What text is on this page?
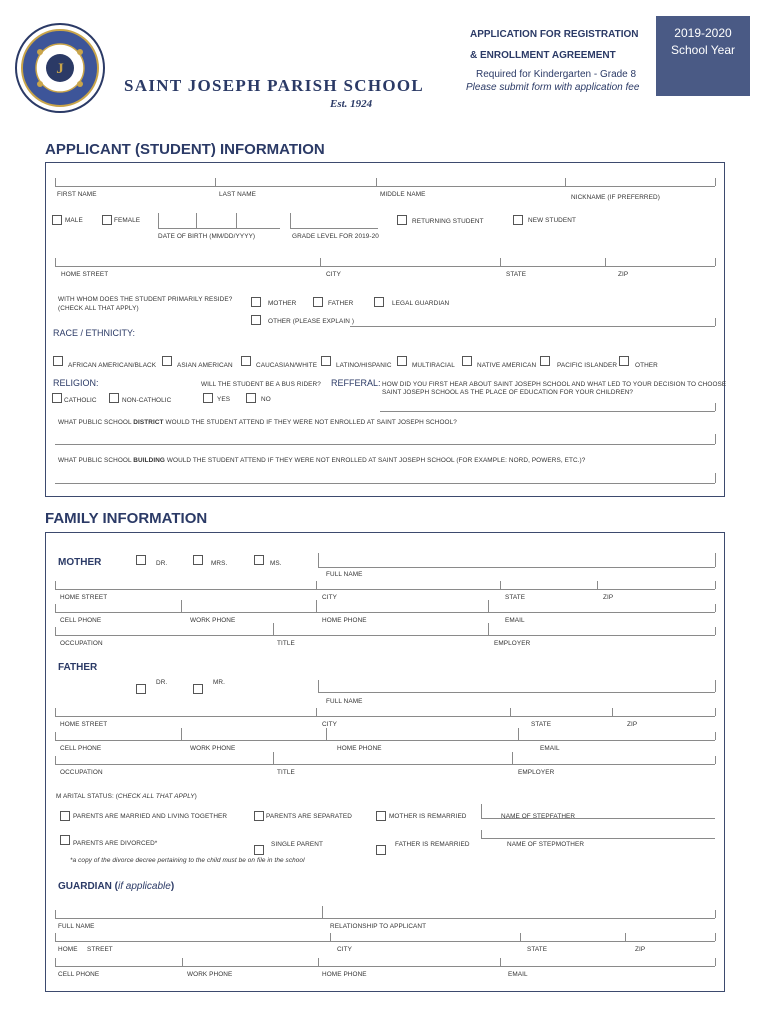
J
SAINT JOSEPH PARISH SCHOOL
Est. 1924
APPLICATION FOR REGISTRATION
& ENROLLMENT AGREEMENT
Required for Kindergarten - Grade 8
Please submit form with application fee
2019-2020
School Year
APPLICANT (STUDENT) INFORMATION
FIRST NAME	LAST NAME	MIDDLE NAME	NICKNAME (IF PREFERRED)
MALE	FEMALE
DATE OF BIRTH (MM/DD/YYYY)	GRADE LEVEL FOR 2019-20
RETURNING STUDENT	NEW STUDENT
HOME STREET	CITY	STATE	ZIP
WITH WHOM DOES THE STUDENT PRIMARILY RESIDE?
(CHECK ALL THAT APPLY)
MOTHER	FATHER	LEGAL GUARDIAN
OTHER (PLEASE EXPLAIN )
RACE / ETHNICITY:
AFRICAN AMERICAN/BLACK	ASIAN AMERICAN	CAUCASIAN/WHITE	LATINO/HISPANIC	MULTIRACIAL	NATIVE AMERICAN	PACIFIC ISLANDER	OTHER
RELIGION:
CATHOLIC	NON-CATHOLIC
WILL THE STUDENT BE A BUS RIDER?
YES	NO
REFFERAL: HOW DID YOU FIRST HEAR ABOUT SAINT JOSEPH SCHOOL AND WHAT LED TO YOUR DECISION TO CHOOSE
SAINT JOSEPH SCHOOL AS THE PLACE OF EDUCATION FOR YOUR CHILDREN?
WHAT PUBLIC SCHOOL DISTRICT WOULD THE STUDENT ATTEND IF THEY WERE NOT ENROLLED AT SAINT JOSEPH SCHOOL?
WHAT PUBLIC SCHOOL BUILDING WOULD THE STUDENT ATTEND IF THEY WERE NOT ENROLLED AT SAINT JOSEPH SCHOOL (FOR EXAMPLE: NORD, POWERS, ETC.)?
FAMILY INFORMATION
MOTHER	DR.	MRS.	MS.
FULL NAME
HOME STREET	CITY	STATE	ZIP
CELL PHONE	WORK PHONE	HOME PHONE	EMAIL
OCCUPATION	TITLE	EMPLOYER
FATHER
DR.	MR.
FULL NAME
HOME STREET	CITY	STATE	ZIP
CELL PHONE	WORK PHONE	HOME PHONE	EMAIL
OCCUPATION	TITLE	EMPLOYER
M ARITAL STATUS: (CHECK ALL THAT APPLY)
PARENTS ARE MARRIED AND LIVING TOGETHER	PARENTS ARE SEPARATED	MOTHER IS REMARRIED	NAME OF STEPFATHER
PARENTS ARE DIVORCED*	SINGLE PARENT	FATHER IS REMARRIED	NAME OF STEPMOTHER
*a copy of the divorce decree pertaining to the child must be on file in the school
GUARDIAN (if applicable)
FULL NAME	RELATIONSHIP TO APPLICANT
HOME STREET	CITY	STATE	ZIP
CELL PHONE	WORK PHONE	HOME PHONE	EMAIL
